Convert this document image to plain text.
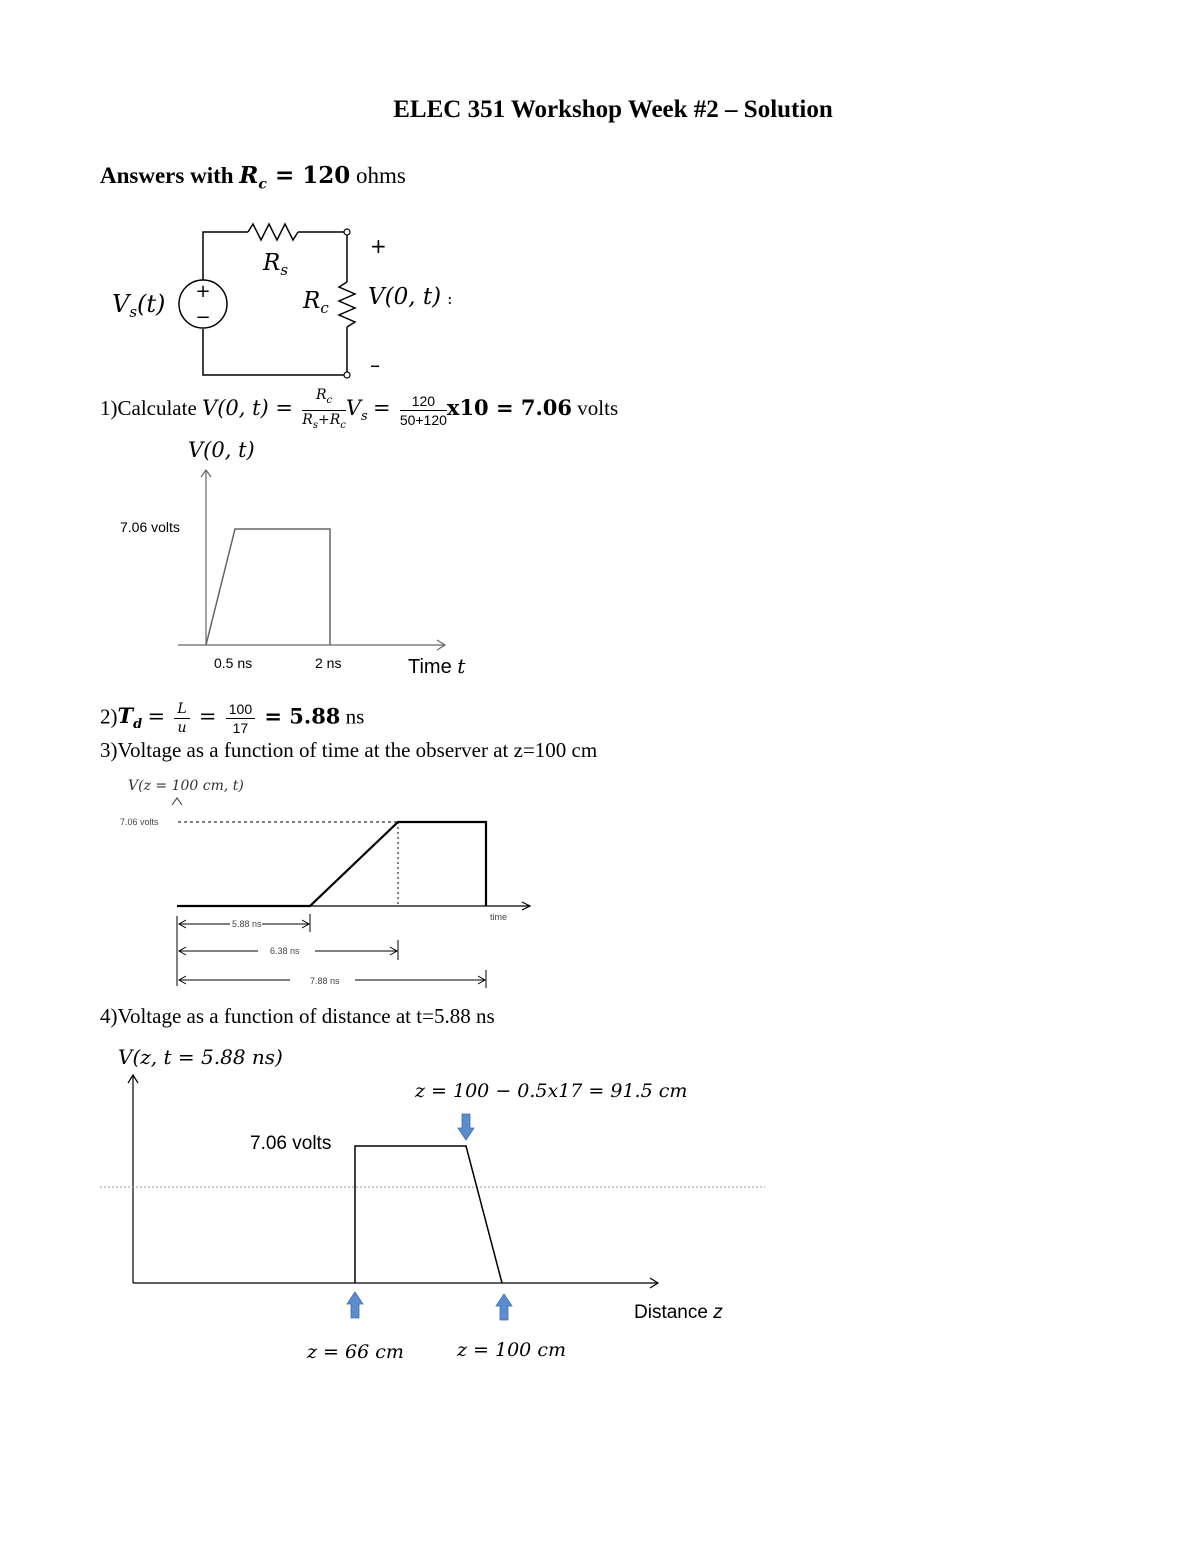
ELEC 351 Workshop Week #2 – Solution
Answers with $R_c = 120$ ohms
+
−
$V_s(t)$
$R_s$
$R_c$
+
–
V(0, t) :
1)Calculate V(0, $t) = \frac{R_c}{R_s+R_c} V_s = \frac{120}{50+120} x10 = 7.06$ volts
V(0, t)
7.06 volts
0.5 ns	2 ns	Time t
$2)T_d = \frac{L}{u} = \frac{100}{17} = 5.88$ ns
3)Voltage as a function of time at the observer at z=100 cm
V(z = 100 cm, t)
7.06 volts
time
5.88 ns
6.38 ns
7.88 ns
4)Voltage as a function of distance at t=5.88 ns
V(z, t = 5.88 ns)
7.06 volts
z = 100 − 0.5x17 = 91.5 cm
z = 66 cm	z = 100 cm
Distance z
